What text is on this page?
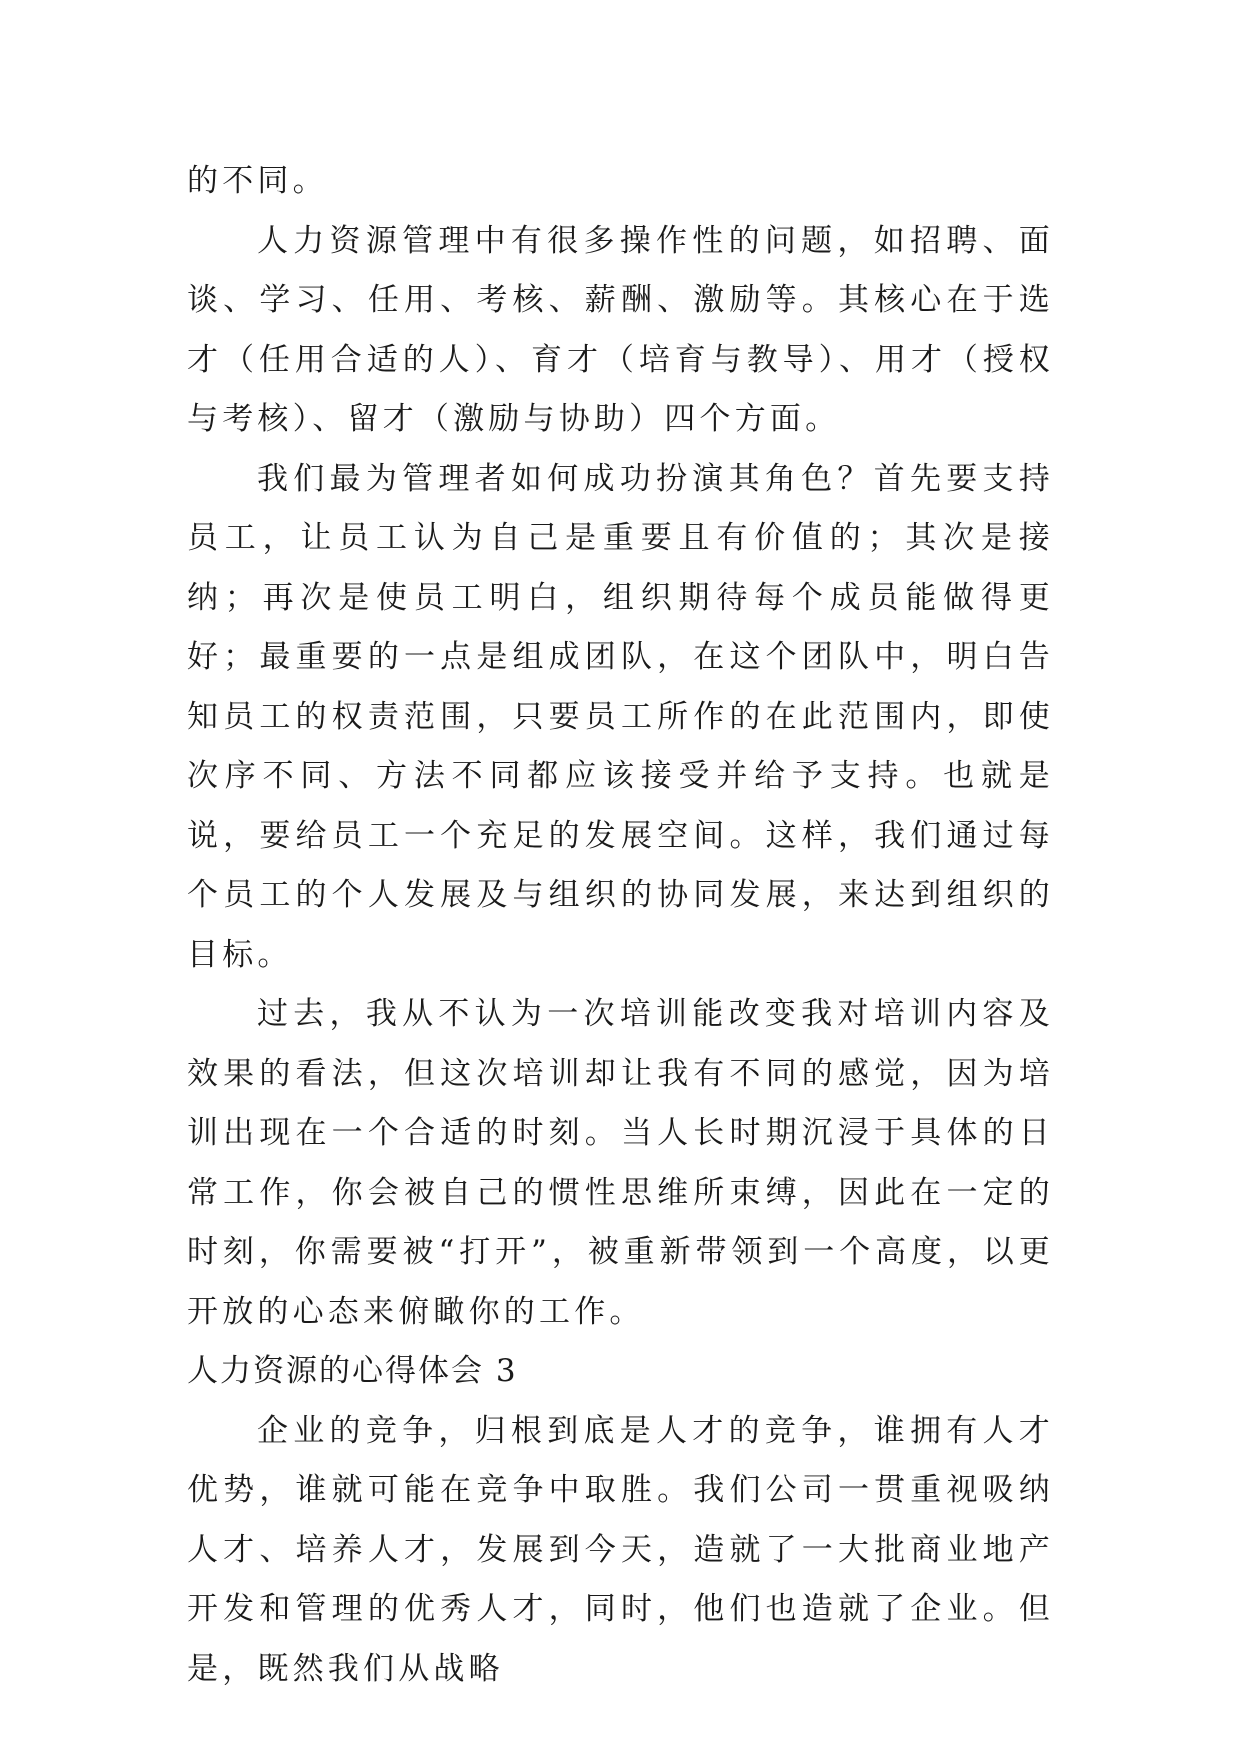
的不同。

人力资源管理中有很多操作性的问题，如招聘、面谈、学习、任用、考核、薪酬、激励等。其核心在于选才（任用合适的人）、育才（培育与教导）、用才（授权与考核）、留才（激励与协助）四个方面。

我们最为管理者如何成功扮演其角色？首先要支持员工，让员工认为自己是重要且有价值的；其次是接纳；再次是使员工明白，组织期待每个成员能做得更好；最重要的一点是组成团队，在这个团队中，明白告知员工的权责范围，只要员工所作的在此范围内，即使次序不同、方法不同都应该接受并给予支持。也就是说，要给员工一个充足的发展空间。这样，我们通过每个员工的个人发展及与组织的协同发展，来达到组织的目标。

过去，我从不认为一次培训能改变我对培训内容及效果的看法，但这次培训却让我有不同的感觉，因为培训出现在一个合适的时刻。当人长时期沉浸于具体的日常工作，你会被自己的惯性思维所束缚，因此在一定的时刻，你需要被“打开”，被重新带领到一个高度，以更开放的心态来俯瞰你的工作。

人力资源的心得体会 3

企业的竞争，归根到底是人才的竞争，谁拥有人才优势，谁就可能在竞争中取胜。我们公司一贯重视吸纳人才、培养人才，发展到今天，造就了一大批商业地产开发和管理的优秀人才，同时，他们也造就了企业。但是，既然我们从战略
